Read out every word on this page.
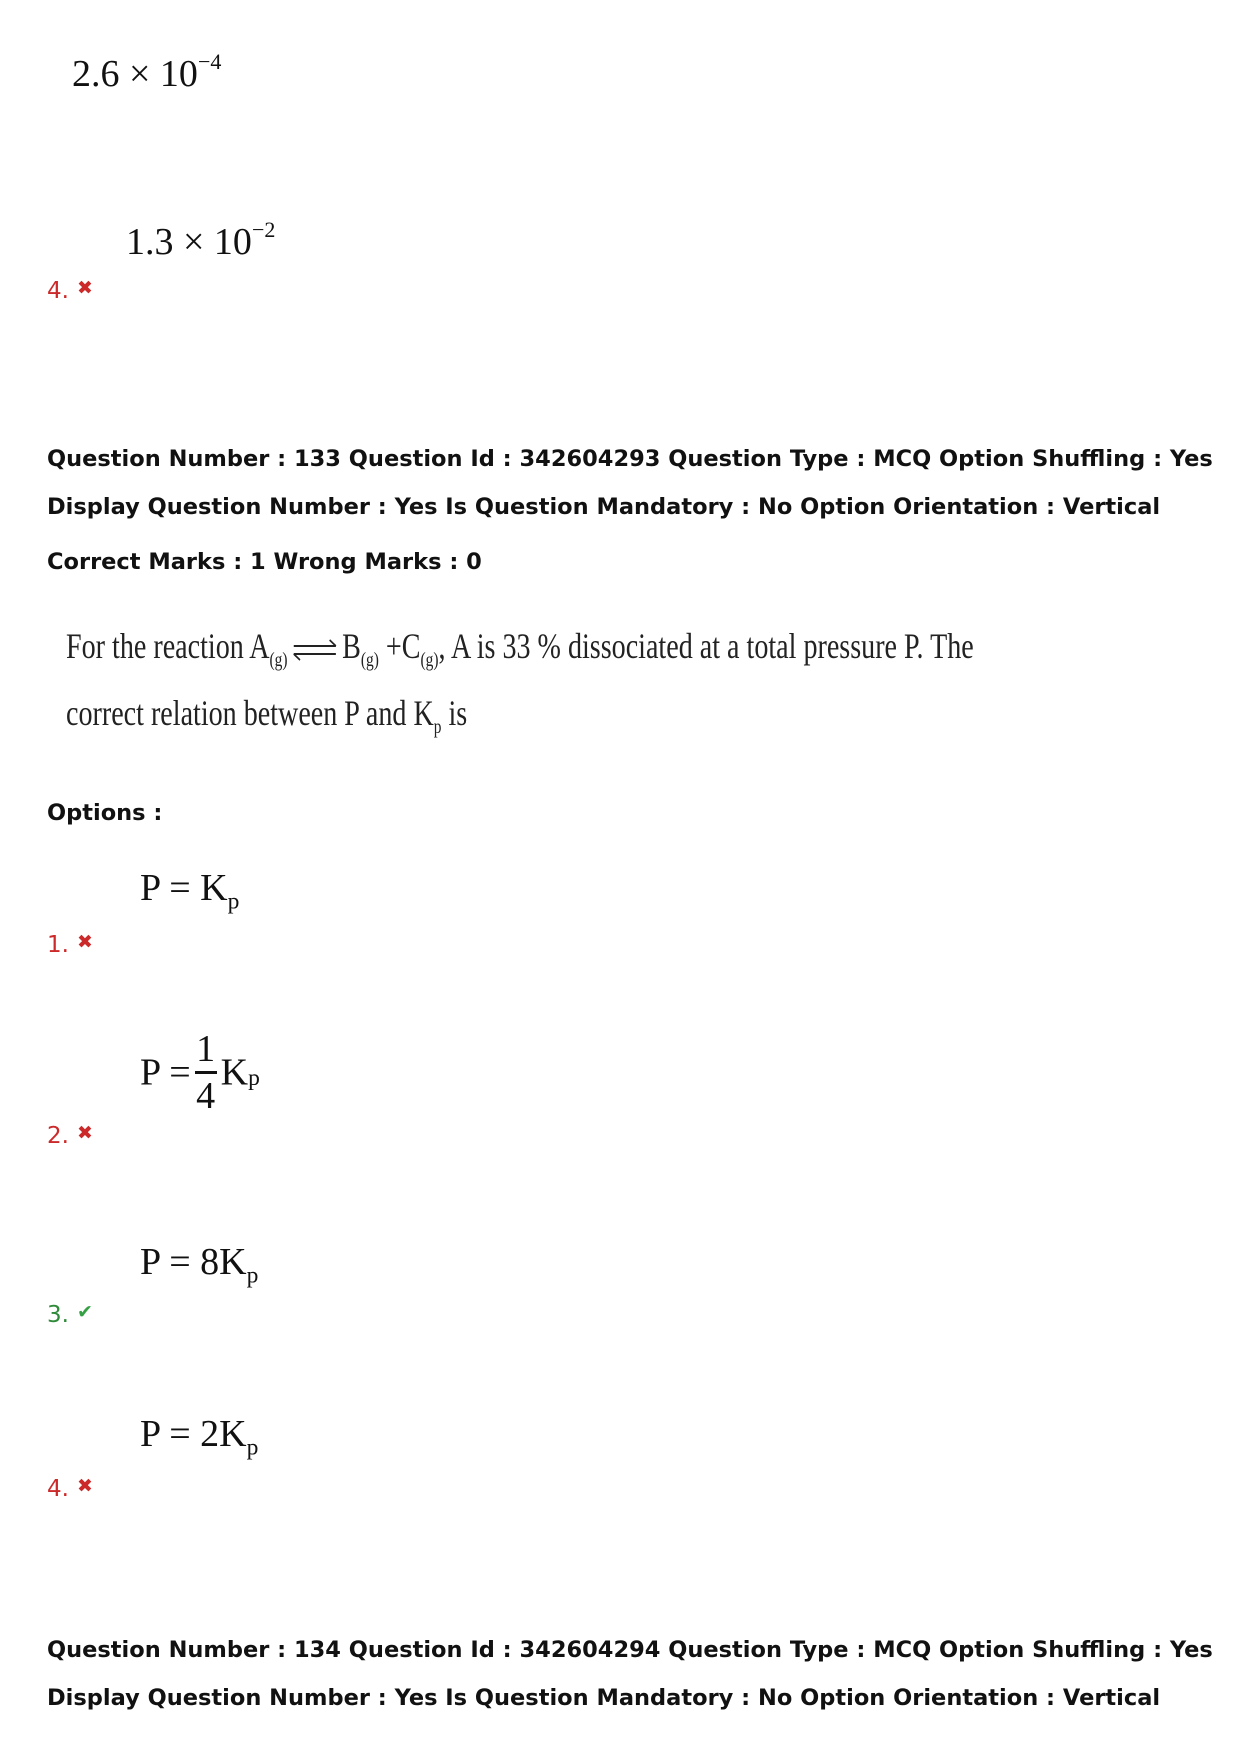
$2.6 \times 10^{-4}$
$1.3 \times 10^{-2}$
4. ✖
Question Number : 133 Question Id : 342604293 Question Type : MCQ Option Shuffling : Yes
Display Question Number : Yes Is Question Mandatory : No Option Orientation : Vertical
Correct Marks : 1 Wrong Marks : 0
For the reaction $A_{(g)}$ ⇌ $B_{(g)} +C_{(g)}$, A is 33 % dissociated at a total pressure P. The
correct relation between P and $K_p$ is
Options :
$P = K_p$
1. ✖
$P = \frac{1}{4} K_p$
2. ✖
$P = 8K_p$
3. ✔
$P = 2K_p$
4. ✖
Question Number : 134 Question Id : 342604294 Question Type : MCQ Option Shuffling : Yes
Display Question Number : Yes Is Question Mandatory : No Option Orientation : Vertical
